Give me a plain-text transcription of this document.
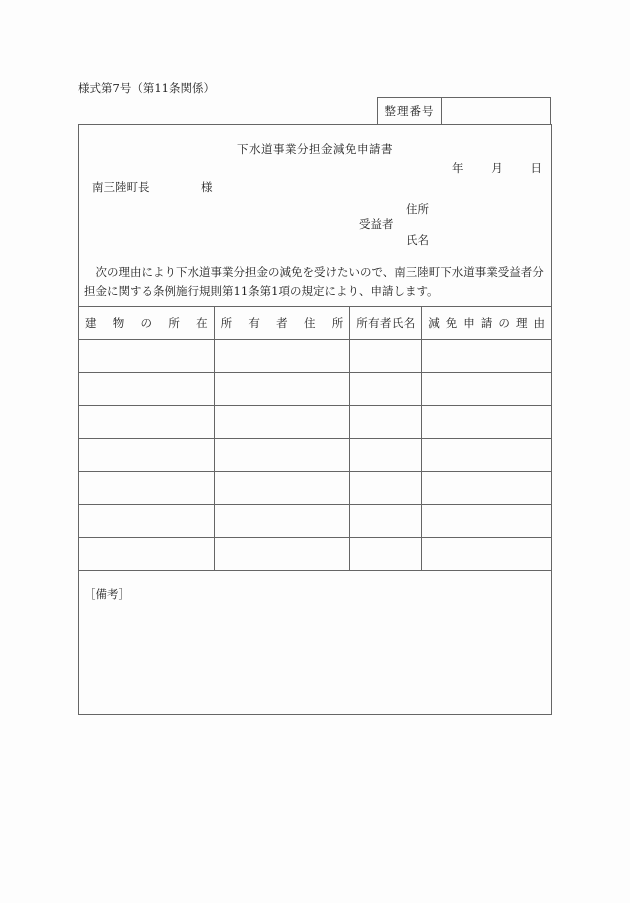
様式第7号（第11条関係）
整理番号
下水道事業分担金減免申請書
年 月 日
南三陸町長	様
住所
受益者
氏名
次の理由により下水道事業分担金の減免を受けたいので、南三陸町下水道事業受益者分担金に関する条例施行規則第11条第1項の規定により、申請します。
建物の所在	所有者住所	所有者氏名	減免申請の理由

［備考］
